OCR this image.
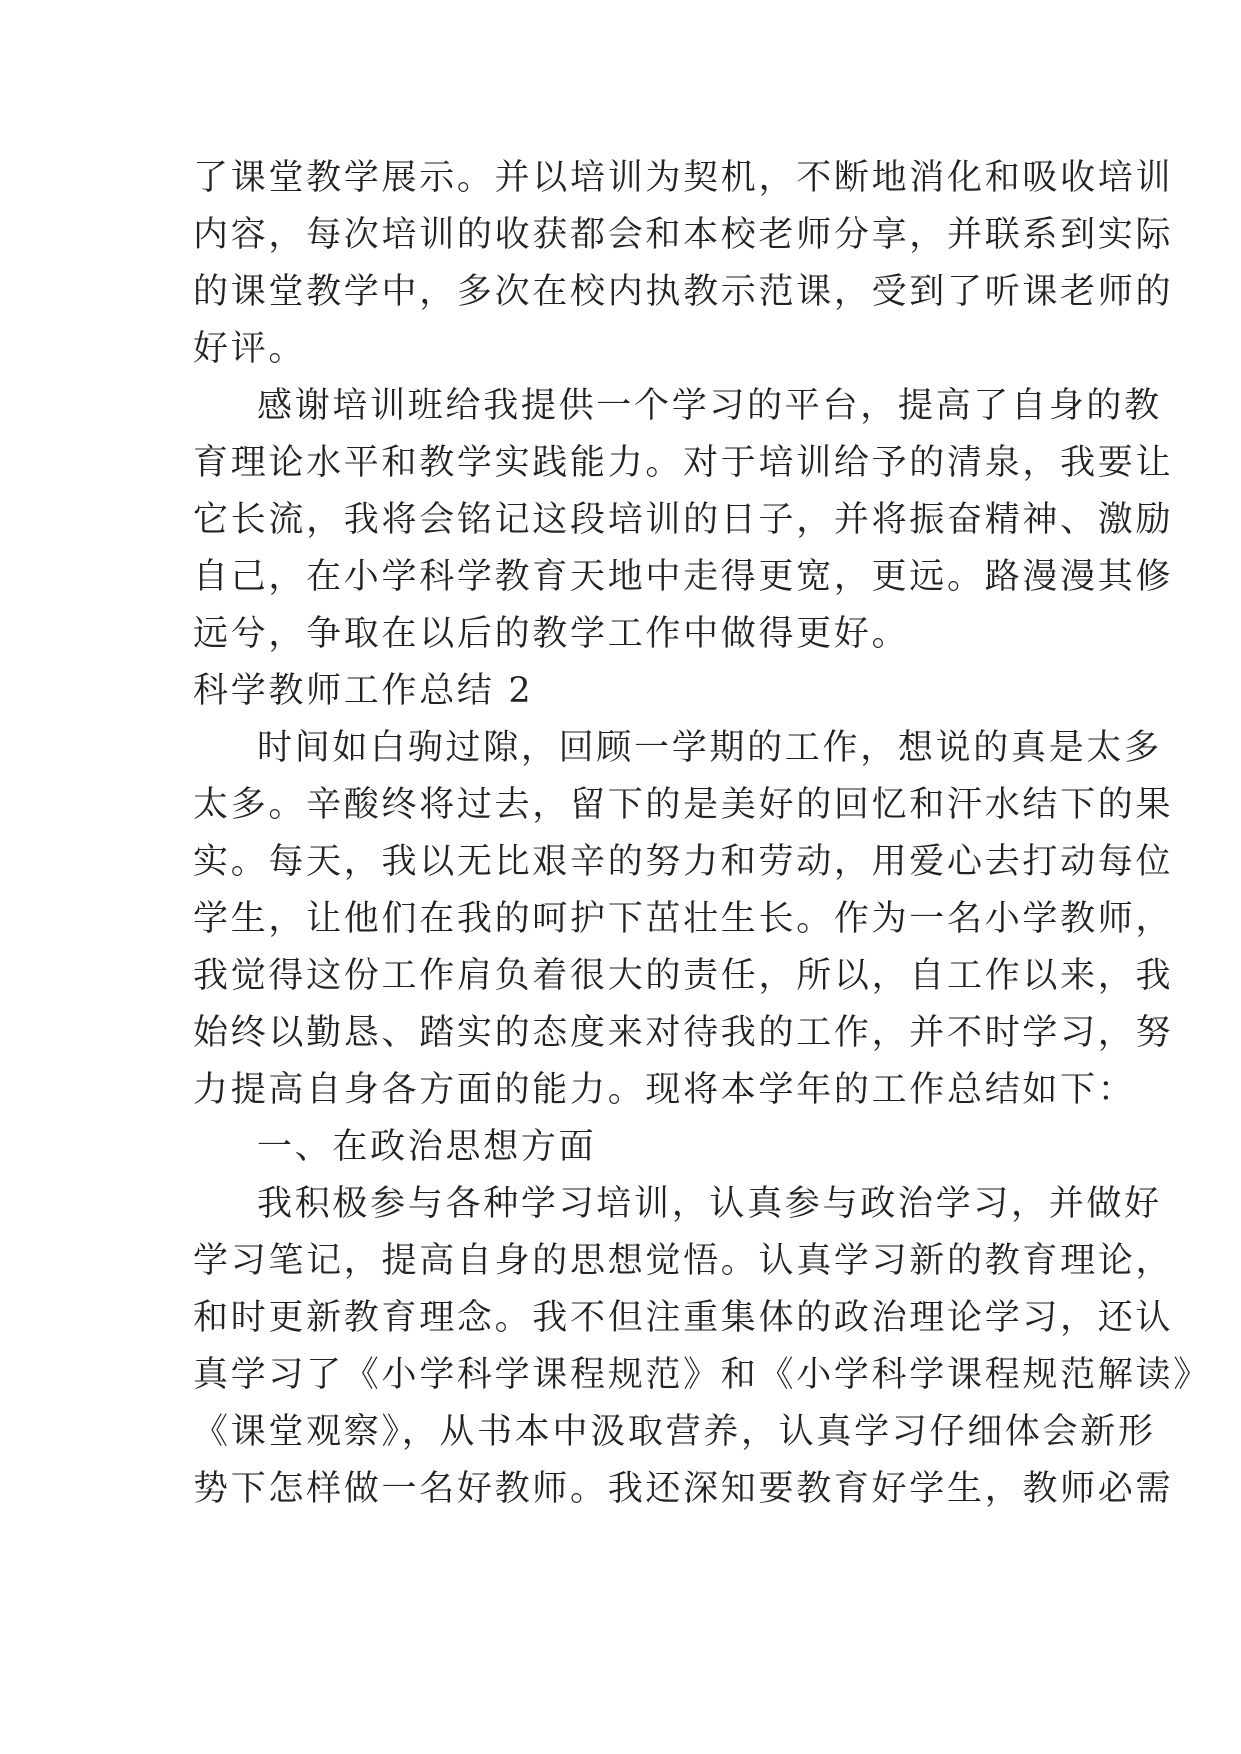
了课堂教学展示。并以培训为契机，不断地消化和吸收培训
内容，每次培训的收获都会和本校老师分享，并联系到实际
的课堂教学中，多次在校内执教示范课，受到了听课老师的
好评。
感谢培训班给我提供一个学习的平台，提高了自身的教
育理论水平和教学实践能力。对于培训给予的清泉，我要让
它长流，我将会铭记这段培训的日子，并将振奋精神、激励
自己，在小学科学教育天地中走得更宽，更远。路漫漫其修
远兮，争取在以后的教学工作中做得更好。
科学教师工作总结 2
时间如白驹过隙，回顾一学期的工作，想说的真是太多
太多。辛酸终将过去，留下的是美好的回忆和汗水结下的果
实。每天，我以无比艰辛的努力和劳动，用爱心去打动每位
学生，让他们在我的呵护下茁壮生长。作为一名小学教师，
我觉得这份工作肩负着很大的责任，所以，自工作以来，我
始终以勤恳、踏实的态度来对待我的工作，并不时学习，努
力提高自身各方面的能力。现将本学年的工作总结如下：
一、在政治思想方面
我积极参与各种学习培训，认真参与政治学习，并做好
学习笔记，提高自身的思想觉悟。认真学习新的教育理论，
和时更新教育理念。我不但注重集体的政治理论学习，还认
真学习了《小学科学课程规范》和《小学科学课程规范解读》
《课堂观察》，从书本中汲取营养，认真学习仔细体会新形
势下怎样做一名好教师。我还深知要教育好学生，教师必需
